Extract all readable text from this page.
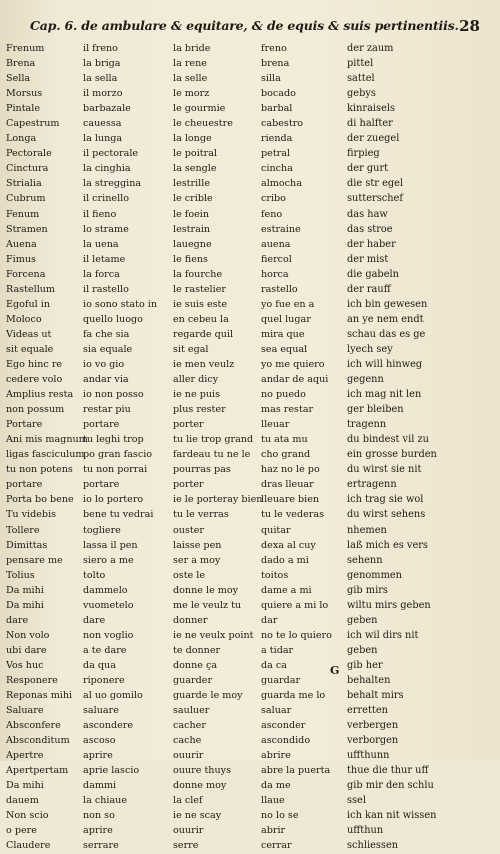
Cap. 6. de ambulare & equitare, & de equis & suis pertinentiis. 28
Frenum
Brena
Sella
Morsus
Pintale
Capestrum
Longa
Pectorale
Cinctura
Strialia
Cubrum
Fenum
Stramen
Auena
Fimus
Forcena
Rastellum
Egoful in
Moloco
Videas ut
sit equale
Ego hinc re
cedere volo
Amplius resta
non possum
Portare
Ani mis magnum
ligas fasciculum
tu non potens
portare
Porta bo bene
Tu videbis
Tollere
Dimittas
pensare me
Tolius
Da mihi
Da mihi
dare
Non volo
ubi dare
Vos huc
Responere
Reponas mihi
Saluare
Absconfere
Absconditum
Apertre
Apertpertam
Da mihi
dauem
Non scio
o pere
Claudere
il freno
la briga
la sella
il morzo
barbazale
cauessa
la lunga
il pectorale
la cinghia
la streggina
il crinello
il fieno
lo strame
la uena
il letame
la forca
il rastello
io sono stato in
quello luogo
fa che sia
sia equale
io vo gio
andar via
io non posso
restar piu
portare
tu leghi trop
po gran fascio
tu non porrai
portare
io lo portero
bene tu vedrai
togliere
lassa il pen
siero a me
tolto
dammelo
vuometelo
dare
non voglio
a te dare
da qua
riponere
al uo gomilo
saluare
ascondere
ascoso
aprire
aprie lascio
dammi
la chiaue
non so
aprire
serrare
la bride
la rene
la selle
le morz
le gourmie
le cheuestre
la longe
le poitral
la sengle
lestrille
le crible
le foein
lestrain
lauegne
le fiens
la fourche
le rastelier
ie suis este
en cebeu la
regarde quil
sit egal
ie men veulz
aller dicy
ie ne puis
plus rester
porter
tu lie trop grand
fardeau tu ne le
pourras pas
porter
ie le porteray bien
tu le verras
ouster
laisse pen
ser a moy
oste le
donne le moy
me le veulz tu
donner
ie ne veulx point
te donner
donne ça
guarder
guarde le moy
sauluer
cacher
cache
ouurir
ouure thuys
donne moy
la clef
ie ne scay
ouurir
serre
freno
brena
silla
bocado
barbal
cabestro
rienda
petral
cincha
almocha
cribo
feno
estraine
auena
fiercol
horca
rastello
yo fue en a
quel lugar
mira que
sea equal
yo me quiero
andar de aqui
no puedo
mas restar
lleuar
tu ata mu
cho grand
haz no le po
dras lleuar
lleuare bien
tu le vederas
quitar
dexa al cuy
dado a mi
toitos
dame a mi
quiere a mi lo
dar
no te lo quiero
a tidar
da ca
guardar
guarda me lo
saluar
asconder
ascondido
abrire
abre la puerta
da me
llaue
no lo se
abrir
cerrar
der zaum
pittel
sattel
gebys
kinraisels
di halfter
der zuegel
firpieg
der gurt
die str egel
sutterschef
das haw
das stroe
der haber
der mist
die gabeln
der rauff
ich bin gewesen
an ye nem endt
schau das es ge
lyech sey
ich will hinweg
gegenn
ich mag nit len
ger bleiben
tragenn
du bindest vil zu
ein grosse burden
du wirst sie nit
ertragenn
ich trag sie wol
du wirst sehens
nhemen
laß mich es vers
sehenn
genommen
gib mirs
wiltu mirs geben
geben
ich wil dirs nit
geben
gib her
behalten
behalt mirs
erretten
verbergen
verborgen
uffthunn
thue die thur uff
gib mir den schlu
ssel
ich kan nit wissen
uffthun
schliessen
G
